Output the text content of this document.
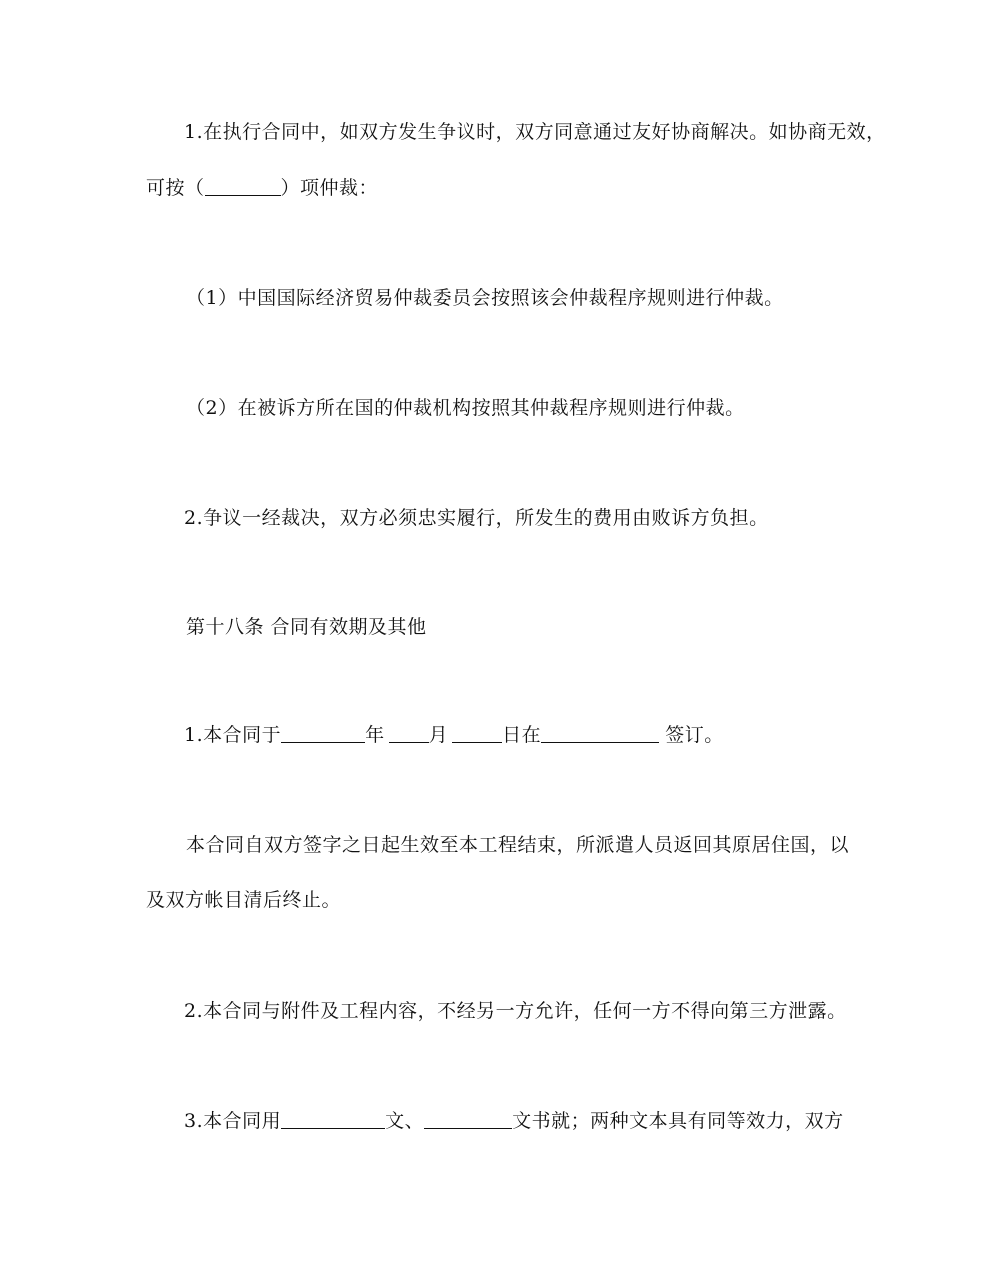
1.在执行合同中，如双方发生争议时，双方同意通过友好协商解决。如协商无效，
可按（	）项仲裁：
（1）中国国际经济贸易仲裁委员会按照该会仲裁程序规则进行仲裁。
（2）在被诉方所在国的仲裁机构按照其仲裁程序规则进行仲裁。
2.争议一经裁决，双方必须忠实履行，所发生的费用由败诉方负担。
第十八条 合同有效期及其他
1.本合同于	年 月	日在	签订。
本合同自双方签字之日起生效至本工程结束，所派遣人员返回其原居住国，以
及双方帐目清后终止。
2.本合同与附件及工程内容，不经另一方允许，任何一方不得向第三方泄露。
3.本合同用	文、	文书就；两种文本具有同等效力，双方
